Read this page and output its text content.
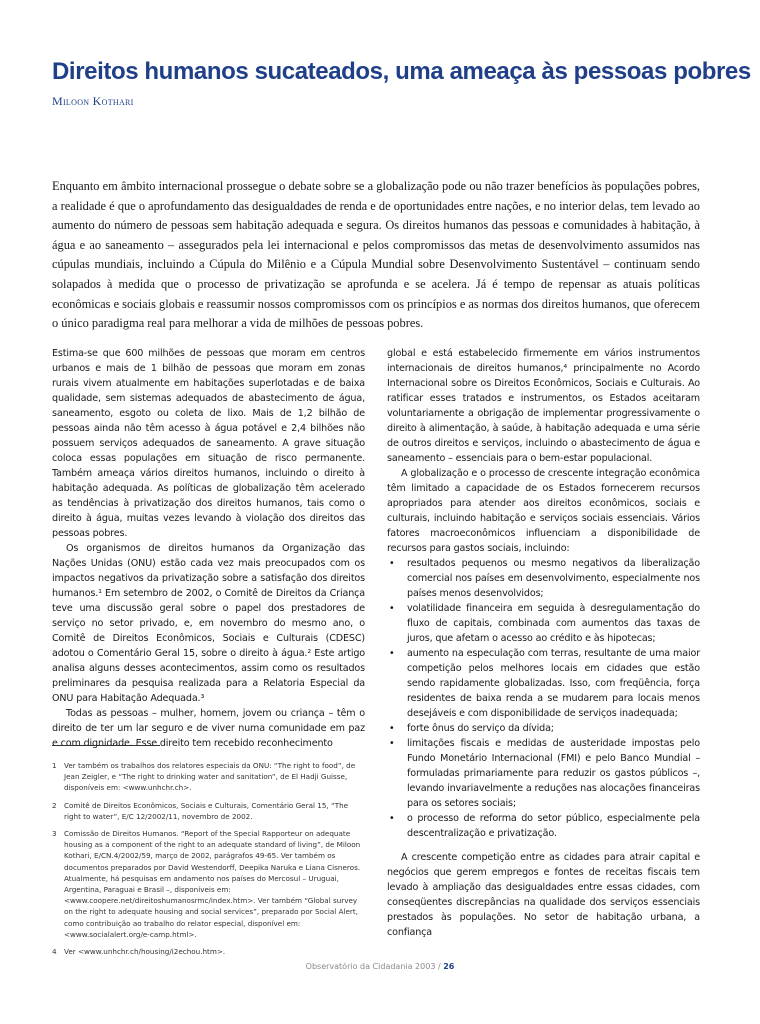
Direitos humanos sucateados, uma ameaça às pessoas pobres
Miloon Kothari

Enquanto em âmbito internacional prossegue o debate sobre se a globalização pode ou não trazer benefícios às populações pobres, a realidade é que o aprofundamento das desigualdades de renda e de oportunidades entre nações, e no interior delas, tem levado ao aumento do número de pessoas sem habitação adequada e segura. Os direitos humanos das pessoas e comunidades à habitação, à água e ao saneamento – assegurados pela lei internacional e pelos compromissos das metas de desenvolvimento assumidos nas cúpulas mundiais, incluindo a Cúpula do Milênio e a Cúpula Mundial sobre Desenvolvimento Sustentável – continuam sendo solapados à medida que o processo de privatização se aprofunda e se acelera. Já é tempo de repensar as atuais políticas econômicas e sociais globais e reassumir nossos compromissos com os princípios e as normas dos direitos humanos, que oferecem o único paradigma real para melhorar a vida de milhões de pessoas pobres.

Estima-se que 600 milhões de pessoas que moram em centros urbanos e mais de 1 bilhão de pessoas que moram em zonas rurais vivem atualmente em habitações superlotadas e de baixa qualidade, sem sistemas adequados de abastecimento de água, saneamento, esgoto ou coleta de lixo. Mais de 1,2 bilhão de pessoas ainda não têm acesso à água potável e 2,4 bilhões não possuem serviços adequados de saneamento. A grave situação coloca essas populações em situação de risco permanente. Também ameaça vários direitos humanos, incluindo o direito à habitação adequada. As políticas de globalização têm acelerado as tendências à privatização dos direitos humanos, tais como o direito à água, muitas vezes levando à violação dos direitos das pessoas pobres.

Os organismos de direitos humanos da Organização das Nações Unidas (ONU) estão cada vez mais preocupados com os impactos negativos da privatização sobre a satisfação dos direitos humanos.¹ Em setembro de 2002, o Comitê de Direitos da Criança teve uma discussão geral sobre o papel dos prestadores de serviço no setor privado, e, em novembro do mesmo ano, o Comitê de Direitos Econômicos, Sociais e Culturais (CDESC) adotou o Comentário Geral 15, sobre o direito à água.² Este artigo analisa alguns desses acontecimentos, assim como os resultados preliminares da pesquisa realizada para a Relatoria Especial da ONU para Habitação Adequada.³

Todas as pessoas – mulher, homem, jovem ou criança – têm o direito de ter um lar seguro e de viver numa comunidade em paz e com dignidade. Esse direito tem recebido reconhecimento

1 Ver também os trabalhos dos relatores especiais da ONU: “The right to food”, de Jean Zeigler, e “The right to drinking water and sanitation”, de El Hadji Guisse, disponíveis em: <www.unhchr.ch>.
2 Comitê de Direitos Econômicos, Sociais e Culturais, Comentário Geral 15, “The right to water”, E/C 12/2002/11, novembro de 2002.
3 Comissão de Direitos Humanos. “Report of the Special Rapporteur on adequate housing as a component of the right to an adequate standard of living”, de Miloon Kothari, E/CN.4/2002/59, março de 2002, parágrafos 49-65. Ver também os documentos preparados por David Westendorff, Deepika Naruka e Liana Cisneros. Atualmente, há pesquisas em andamento nos países do Mercosul – Uruguai, Argentina, Paraguai e Brasil –, disponíveis em: <www.coopere.net/direitoshumanosrmc/index.htm>. Ver também “Global survey on the right to adequate housing and social services”, preparado por Social Alert, como contribuição ao trabalho do relator especial, disponível em: <www.socialalert.org/e-camp.html>.
4 Ver <www.unhchr.ch/housing/i2echou.htm>.

global e está estabelecido firmemente em vários instrumentos internacionais de direitos humanos,⁴ principalmente no Acordo Internacional sobre os Direitos Econômicos, Sociais e Culturais. Ao ratificar esses tratados e instrumentos, os Estados aceitaram voluntariamente a obrigação de implementar progressivamente o direito à alimentação, à saúde, à habitação adequada e uma série de outros direitos e serviços, incluindo o abastecimento de água e saneamento – essenciais para o bem-estar populacional.

A globalização e o processo de crescente integração econômica têm limitado a capacidade de os Estados fornecerem recursos apropriados para atender aos direitos econômicos, sociais e culturais, incluindo habitação e serviços sociais essenciais. Vários fatores macroeconômicos influenciam a disponibilidade de recursos para gastos sociais, incluindo:

• resultados pequenos ou mesmo negativos da liberalização comercial nos países em desenvolvimento, especialmente nos países menos desenvolvidos;
• volatilidade financeira em seguida à desregulamentação do fluxo de capitais, combinada com aumentos das taxas de juros, que afetam o acesso ao crédito e às hipotecas;
• aumento na especulação com terras, resultante de uma maior competição pelos melhores locais em cidades que estão sendo rapidamente globalizadas. Isso, com freqüência, força residentes de baixa renda a se mudarem para locais menos desejáveis e com disponibilidade de serviços inadequada;
• forte ônus do serviço da dívida;
• limitações fiscais e medidas de austeridade impostas pelo Fundo Monetário Internacional (FMI) e pelo Banco Mundial – formuladas primariamente para reduzir os gastos públicos –, levando invariavelmente a reduções nas alocações financeiras para os setores sociais;
• o processo de reforma do setor público, especialmente pela descentralização e privatização.

A crescente competição entre as cidades para atrair capital e negócios que gerem empregos e fontes de receitas fiscais tem levado à ampliação das desigualdades entre essas cidades, com conseqüentes discrepâncias na qualidade dos serviços essenciais prestados às populações. No setor de habitação urbana, a confiança

Observatório da Cidadania 2003 / 26
